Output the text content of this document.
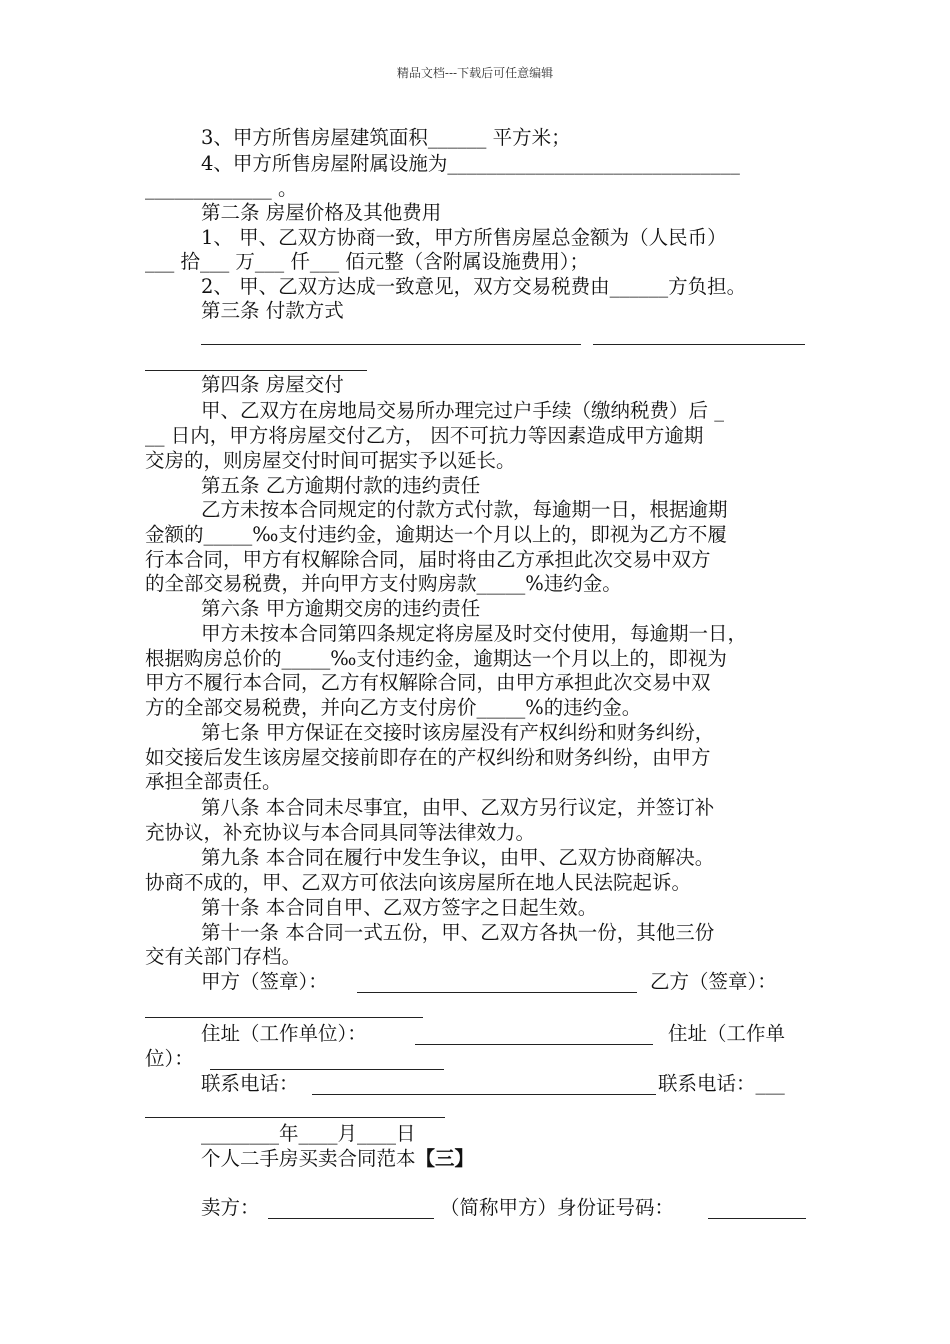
精品文档---下载后可任意编辑
3、甲方所售房屋建筑面积______ 平方米；
4、甲方所售房屋附属设施为______________________________
_____________ 。
第二条 房屋价格及其他费用
1、 甲、乙双方协商一致，甲方所售房屋总金额为（人民币）
___ 拾___ 万___ 仟___ 佰元整（含附属设施费用）；
2、 甲、乙双方达成一致意见，双方交易税费由______方负担。
第三条 付款方式
第四条 房屋交付
甲、乙双方在房地局交易所办理完过户手续（缴纳税费）后 _
__ 日内，甲方将房屋交付乙方， 因不可抗力等因素造成甲方逾期
交房的，则房屋交付时间可据实予以延长。
第五条 乙方逾期付款的违约责任
乙方未按本合同规定的付款方式付款，每逾期一日，根据逾期
金额的_____‰支付违约金，逾期达一个月以上的，即视为乙方不履
行本合同，甲方有权解除合同，届时将由乙方承担此次交易中双方
的全部交易税费，并向甲方支付购房款_____%违约金。
第六条 甲方逾期交房的违约责任
甲方未按本合同第四条规定将房屋及时交付使用，每逾期一日，
根据购房总价的_____‰支付违约金，逾期达一个月以上的，即视为
甲方不履行本合同，乙方有权解除合同，由甲方承担此次交易中双
方的全部交易税费，并向乙方支付房价_____%的违约金。
第七条 甲方保证在交接时该房屋没有产权纠纷和财务纠纷，
如交接后发生该房屋交接前即存在的产权纠纷和财务纠纷，由甲方
承担全部责任。
第八条 本合同未尽事宜，由甲、乙双方另行议定，并签订补
充协议，补充协议与本合同具同等法律效力。
第九条 本合同在履行中发生争议，由甲、乙双方协商解决。
协商不成的，甲、乙双方可依法向该房屋所在地人民法院起诉。
第十条 本合同自甲、乙双方签字之日起生效。
第十一条 本合同一式五份，甲、乙双方各执一份，其他三份
交有关部门存档。
甲方（签章）：	乙方（签章）：
住址（工作单位）：	住址（工作单
位）：
联系电话：	联系电话：___
________年____月____日
个人二手房买卖合同范本【三】
卖方：	（简称甲方）身份证号码：
